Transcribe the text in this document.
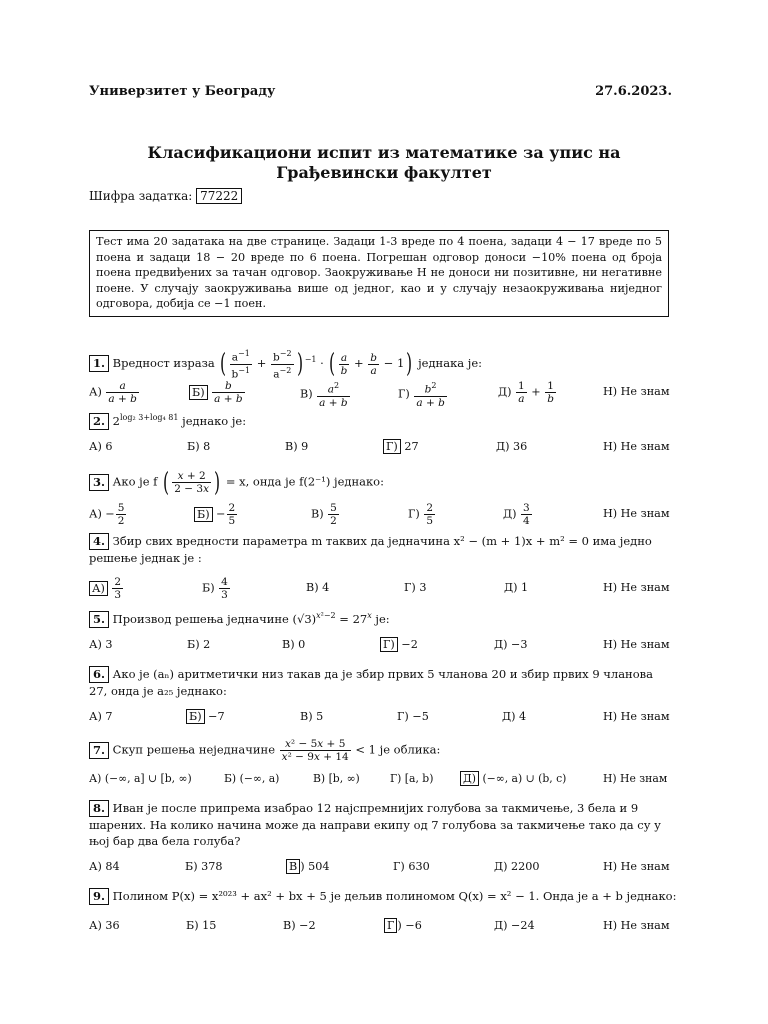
Универзитет у Београду	27.6.2023.
Класификациони испит из математике за упис на
Грађевински факултет
Шифра задатка: 77222
Тест има 20 задатака на две странице. Задаци 1-3 вреде по 4 поена, задаци 4 − 17 вреде по 5 поена и задаци 18 − 20 вреде по 6 поена. Погрешан одговор доноси −10% поена од броја поена предвиђених за тачан одговор. Заокруживање Н не доноси ни позитивне, ни негативне поене. У случају заокруживања више од једног, као и у случају незаокруживања ниједног одговора, добија се −1 поен.
1. Вредност израза ( $\frac{a^{-1}}{b^{-1}} + \frac{b^{-2}}{a^{-2}}$ ) $^{-1}$ · ( $\frac{a}{b} + \frac{b}{a} - 1$) једнака је:
$А) \frac{a}{a + b}$	$Б) \frac{b}{a + b}$	$В) \frac{a^2}{a + b}$	$Г) \frac{b^2}{a + b}$	$Д) \frac{1}{a} + \frac{1}{b}$	Н) Не знам
2. $2^{log_2 3+log_4 81}$ једнако је:
А) 6	Б) 8	В) 9	Г) 27	Д) 36	Н) Не знам
3. Ако је f ( $\frac{x + 2}{2 - 3x}$ ) = x, онда је f(2⁻¹) једнако:
$А) - \frac{5}{2}$	$Б) - \frac{2}{5}$	$В) \frac{5}{2}$	$Г) \frac{2}{5}$	$Д) \frac{3}{4}$	Н) Не знам
4. Збир свих вредности параметра m таквих да једначина x² − (m + 1)x + m² = 0 има једно решење једнак је :
$А) \frac{2}{3}$	$Б) \frac{4}{3}$	В) 4	Г) 3	Д) 1	Н) Не знам
5. Производ решења једначине $(√3)^{x^2-2} = 27^x$ је:
А) 3	Б) 2	В) 0	Г) −2	Д) −3	Н) Не знам
6. Ако је (aₙ) аритметички низ такав да је збир првих 5 чланова 20 и збир првих 9 чланова 27, онда је a₂₅ једнако:
А) 7	Б) −7	В) 5	Г) −5	Д) 4	Н) Не знам
7. Скуп решења неједначине $\frac{\text{x² − 5x + 5}}{\text{x² − 9x + 14}} < 1$ је облика:
А) (−∞, a] ∪ [b, ∞)	Б) (−∞, a)	В) [b, ∞)	Г) [a, b)	Д) (−∞, a) ∪ (b, c)	Н) Не знам
8. Иван је после припрема изабрао 12 најспремнијих голубова за такмичење, 3 бела и 9 шарених. На колико начина може да направи екипу од 7 голубова за такмичење тако да су у њој бар два бела голуба?
А) 84	Б) 378	В ) 504	Г) 630	Д) 2200	Н) Не знам
9. Полином P(x) = x²⁰²³ + ax² + bx + 5 је дељив полиномом Q(x) = x² − 1. Онда је a + b једнако:
А) 36	Б) 15	В) −2	Г ) −6	Д) −24	Н) Не знам
